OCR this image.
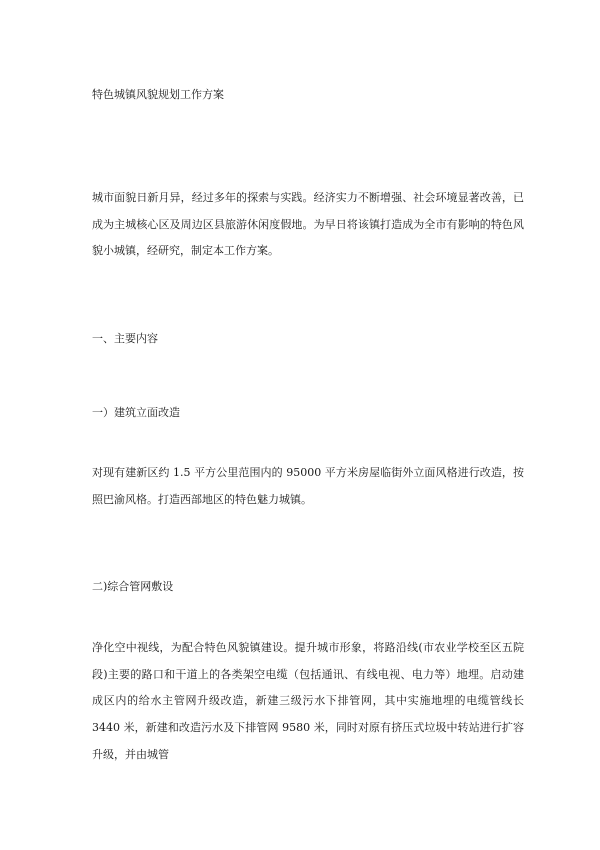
特色城镇风貌规划工作方案
城市面貌日新月异，经过多年的探索与实践。经济实力不断增强、社会环境显著改善，已成为主城核心区及周边区县旅游休闲度假地。为早日将该镇打造成为全市有影响的特色风貌小城镇，经研究，制定本工作方案。
一、主要内容
一）建筑立面改造
对现有建新区约 1.5 平方公里范围内的 95000 平方米房屋临街外立面风格进行改造，按照巴渝风格。打造西部地区的特色魅力城镇。
二)综合管网敷设
净化空中视线，为配合特色风貌镇建设。提升城市形象，将路沿线(市农业学校至区五院段)主要的路口和干道上的各类架空电缆（包括通讯、有线电视、电力等）地埋。启动建成区内的给水主管网升级改造，新建三级污水下排管网，其中实施地埋的电缆管线长 3440 米，新建和改造污水及下排管网 9580 米，同时对原有挤压式垃圾中转站进行扩容升级，并由城管
